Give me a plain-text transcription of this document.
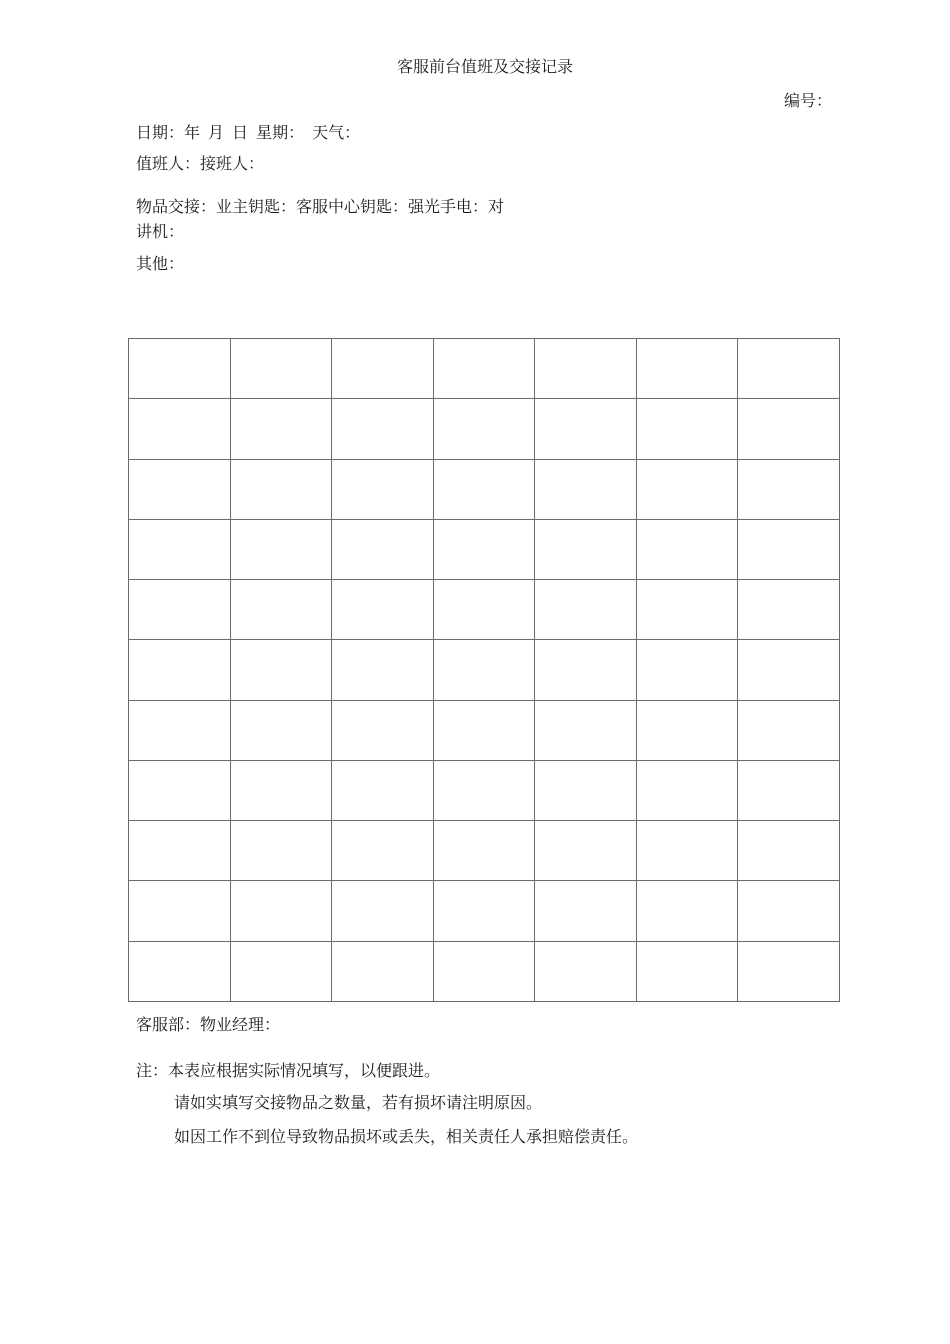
客服前台值班及交接记录
编号：
日期：年 月 日 星期： 天气：
值班人：接班人：
物品交接：业主钥匙：客服中心钥匙：强光手电：对
讲机：
其他：

客服部：物业经理：
注：本表应根据实际情况填写，以便跟进。
请如实填写交接物品之数量，若有损坏请注明原因。
如因工作不到位导致物品损坏或丢失，相关责任人承担赔偿责任。
